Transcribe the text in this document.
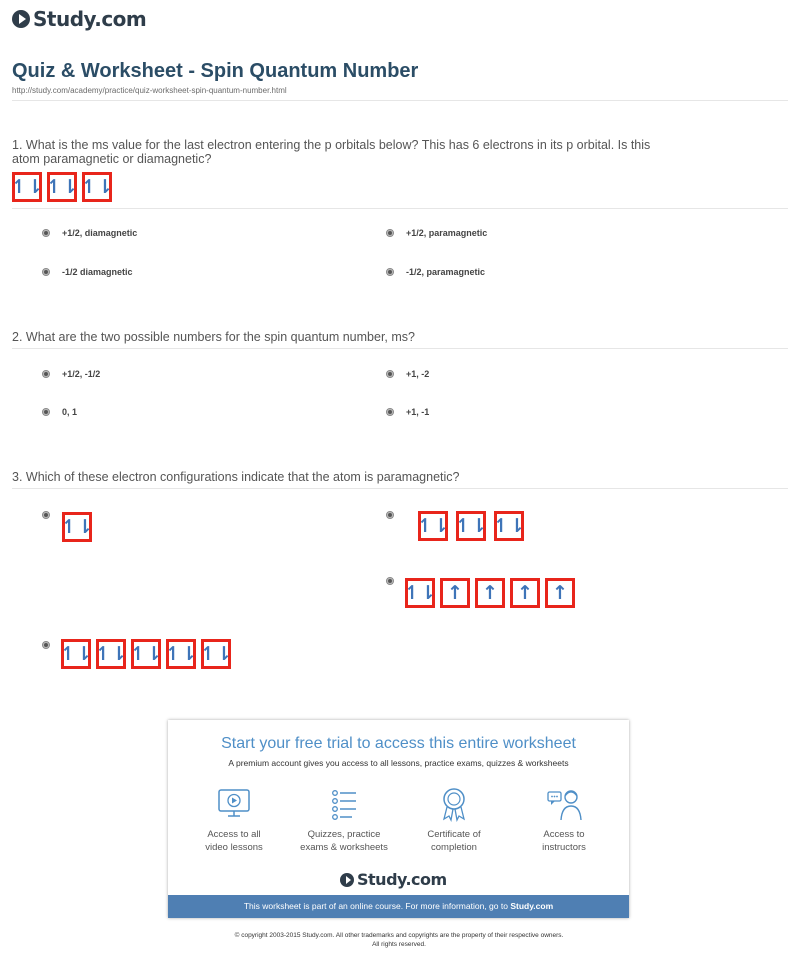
Study.com
Quiz & Worksheet - Spin Quantum Number
http://study.com/academy/practice/quiz-worksheet-spin-quantum-number.html
1. What is the ms value for the last electron entering the p orbitals below? This has 6 electrons in its p orbital. Is this atom paramagnetic or diamagnetic?
↿⇂ ↿⇂ ↿⇂
+1/2, diamagnetic	+1/2, paramagnetic
-1/2 diamagnetic	-1/2, paramagnetic
2. What are the two possible numbers for the spin quantum number, ms?
+1/2, -1/2	+1, -2
0, 1	+1, -1
3. Which of these electron configurations indicate that the atom is paramagnetic?
↿⇂	↿⇂ ↿⇂ ↿⇂
↿⇂ ↑	↑	↑	↑
↿⇂ ↿⇂ ↿⇂ ↿⇂ ↿⇂
Start your free trial to access this entire worksheet
A premium account gives you access to all lessons, practice exams, quizzes & worksheets
Access to all
video lessons
Quizzes, practice
exams & worksheets
Certificate of
completion
Access to
instructors
Study.com
This worksheet is part of an online course. For more information, go to Study.com
© copyright 2003-2015 Study.com. All other trademarks and copyrights are the property of their respective owners.
All rights reserved.
